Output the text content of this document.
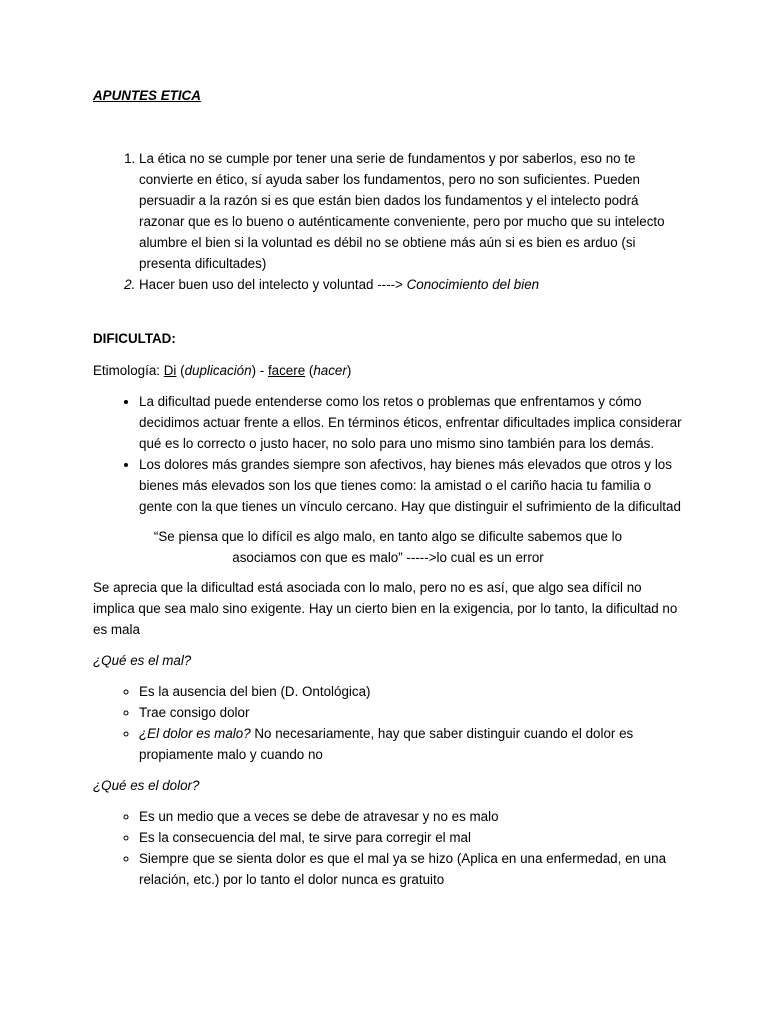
APUNTES ETICA
1. La ética no se cumple por tener una serie de fundamentos y por saberlos, eso no te convierte en ético, sí ayuda saber los fundamentos, pero no son suficientes. Pueden persuadir a la razón si es que están bien dados los fundamentos y el intelecto podrá razonar que es lo bueno o auténticamente conveniente, pero por mucho que su intelecto alumbre el bien si la voluntad es débil no se obtiene más aún si es bien es arduo (si presenta dificultades)
2. Hacer buen uso del intelecto y voluntad ----> Conocimiento del bien

DIFICULTAD:

Etimología: Di (duplicación) - facere (hacer)

• La dificultad puede entenderse como los retos o problemas que enfrentamos y cómo decidimos actuar frente a ellos. En términos éticos, enfrentar dificultades implica considerar qué es lo correcto o justo hacer, no solo para uno mismo sino también para los demás.
• Los dolores más grandes siempre son afectivos, hay bienes más elevados que otros y los bienes más elevados son los que tienes como: la amistad o el cariño hacia tu familia o gente con la que tienes un vínculo cercano. Hay que distinguir el sufrimiento de la dificultad

“Se piensa que lo difícil es algo malo, en tanto algo se dificulte sabemos que lo asociamos con que es malo” ----->lo cual es un error

Se aprecia que la dificultad está asociada con lo malo, pero no es así, que algo sea difícil no implica que sea malo sino exigente. Hay un cierto bien en la exigencia, por lo tanto, la dificultad no es mala

¿Qué es el mal?

◦ Es la ausencia del bien (D. Ontológica)
◦ Trae consigo dolor
◦ ¿El dolor es malo? No necesariamente, hay que saber distinguir cuando el dolor es propiamente malo y cuando no

¿Qué es el dolor?

◦ Es un medio que a veces se debe de atravesar y no es malo
◦ Es la consecuencia del mal, te sirve para corregir el mal
◦ Siempre que se sienta dolor es que el mal ya se hizo (Aplica en una enfermedad, en una relación, etc.) por lo tanto el dolor nunca es gratuito
